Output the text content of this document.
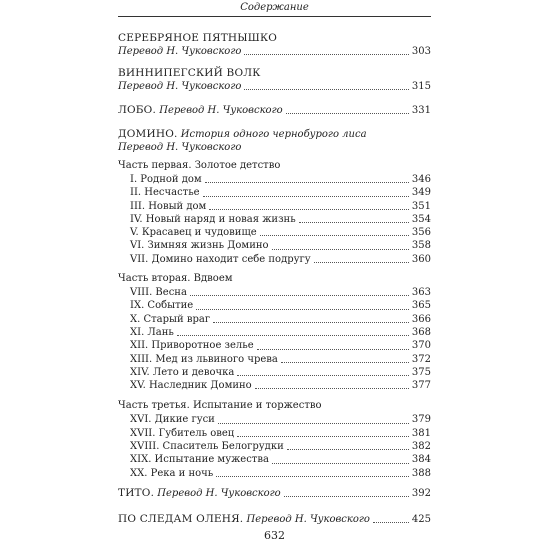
Содержание
СЕРЕБРЯНОЕ ПЯТНЫШКО
Перевод Н. Чуковского	303
ВИННИПЕГСКИЙ ВОЛК
Перевод Н. Чуковского	315
ЛОБО. Перевод Н. Чуковского	331
ДОМИНО. История одного чернобурого лиса
Перевод Н. Чуковского
Часть первая. Золотое детство
I. Родной дом	346
II. Несчастье	349
III. Новый дом	351
IV. Новый наряд и новая жизнь	354
V. Красавец и чудовище	356
VI. Зимняя жизнь Домино	358
VII. Домино находит себе подругу	360
Часть вторая. Вдвоем
VIII. Весна	363
IX. Событие	365
X. Старый враг	366
XI. Лань	368
XII. Приворотное зелье	370
XIII. Мед из львиного чрева	372
XIV. Лето и девочка	375
XV. Наследник Домино	377
Часть третья. Испытание и торжество
XVI. Дикие гуси	379
XVII. Губитель овец	381
XVIII. Спаситель Белогрудки	382
XIX. Испытание мужества	384
XX. Река и ночь	388
ТИТО. Перевод Н. Чуковского	392
ПО СЛЕДАМ ОЛЕНЯ. Перевод Н. Чуковского	425
632
